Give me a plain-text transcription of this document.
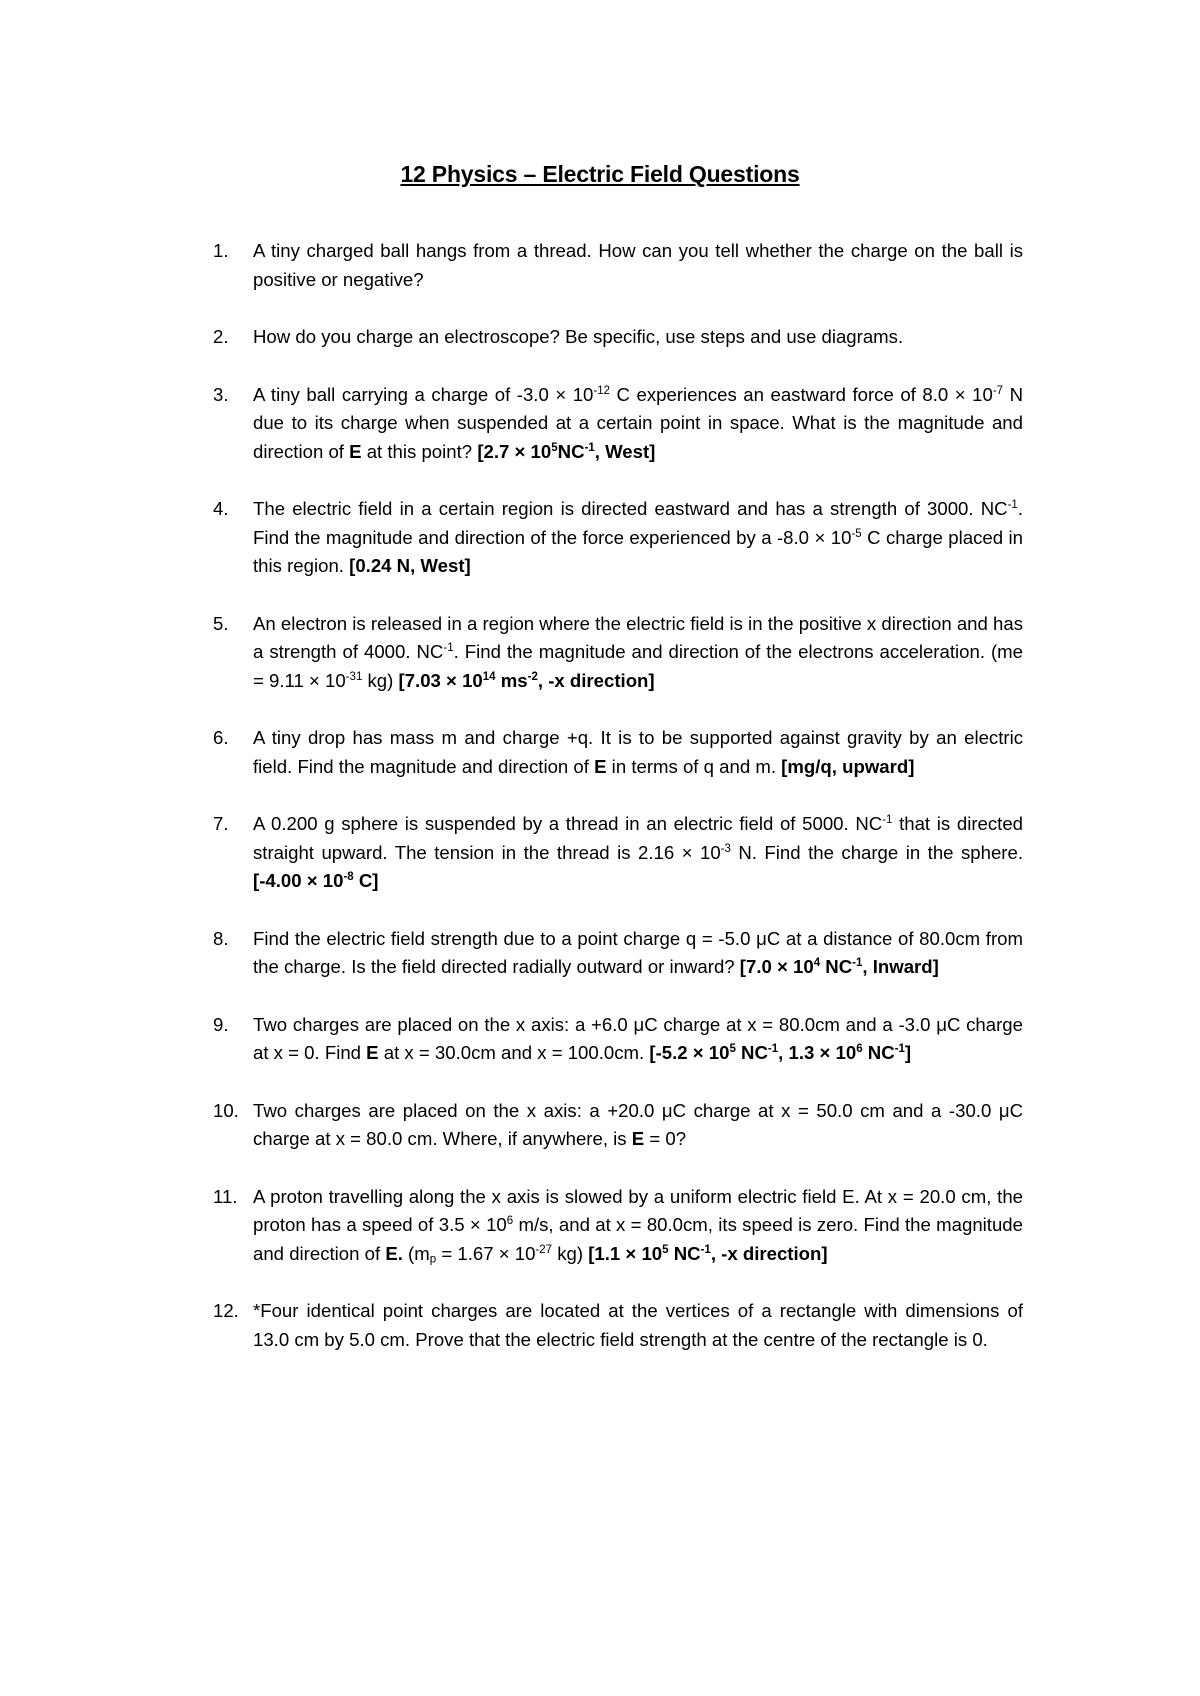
12 Physics – Electric Field Questions
1.	A tiny charged ball hangs from a thread. How can you tell whether the charge on the ball is positive or negative?
2.	How do you charge an electroscope? Be specific, use steps and use diagrams.
3.	A tiny ball carrying a charge of $-3.0 \times 10^{-12}$ C experiences an eastward force of $8.0 \times 10^{-7}$ N due to its charge when suspended at a certain point in space. What is the magnitude and direction of E at this point? [$2.7 \times 10^5NC^{-1}$, West]
4.	The electric field in a certain region is directed eastward and has a strength of 3000. $NC^{-1}$. Find the magnitude and direction of the force experienced by a $-8.0 \times 10^{-5}$ C charge placed in this region. [0.24 N, West]
5.	An electron is released in a region where the electric field is in the positive x direction and has a strength of 4000. $NC^{-1}$. Find the magnitude and direction of the electrons acceleration. ($me = 9.11 \times 10^{-31}$ kg) [$7.03 \times 10^{14}$ $ms^{-2}$, -x direction]
6.	A tiny drop has mass m and charge +q. It is to be supported against gravity by an electric field. Find the magnitude and direction of E in terms of q and m. [mg/q, upward]
7.	A 0.200 g sphere is suspended by a thread in an electric field of 5000. $NC^{-1}$ that is directed straight upward. The tension in the thread is $2.16 \times 10^{-3}$ N. Find the charge in the sphere. [$-4.00 \times 10^{-8}$ C]
8.	Find the electric field strength due to a point charge q = -5.0 μC at a distance of 80.0cm from the charge. Is the field directed radially outward or inward? [$7.0 \times 10^4$ $NC^{-1}$, Inward]
9.	Two charges are placed on the x axis: a +6.0 μC charge at x = 80.0cm and a -3.0 μC charge at x = 0. Find E at x = 30.0cm and x = 100.0cm. [$-5.2 \times 10^5$ $NC^{-1}$, $1.3 \times 10^6$ $NC^{-1}$]
10. Two charges are placed on the x axis: a +20.0 μC charge at x = 50.0 cm and a -30.0 μC charge at x = 80.0 cm. Where, if anywhere, is E = 0?
11. A proton travelling along the x axis is slowed by a uniform electric field E. At x = 20.0 cm, the proton has a speed of $3.5 \times 10^6$ m/s, and at x = 80.0cm, its speed is zero. Find the magnitude and direction of E. ($m_p = 1.67 \times 10^{-27}$ kg) [$1.1 \times 10^5$ $NC^{-1}$, -x direction]
12. *Four identical point charges are located at the vertices of a rectangle with dimensions of 13.0 cm by 5.0 cm. Prove that the electric field strength at the centre of the rectangle is 0.
